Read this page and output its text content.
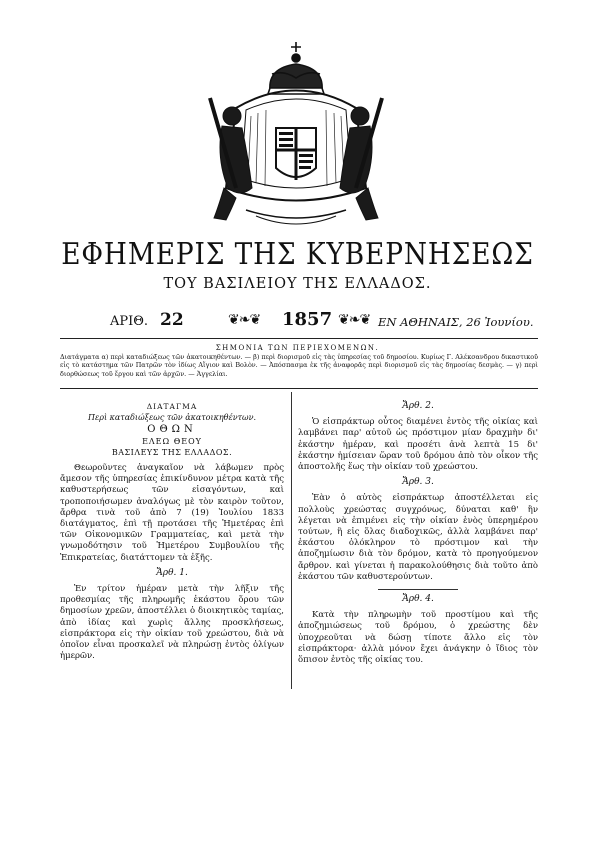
ΕΦΗΜΕΡΙΣ ΤΗΣ ΚΥΒΕΡΝΗΣΕΩΣ
ΤΟΥ ΒΑΣΙΛΕΙΟΥ ΤΗΣ ΕΛΛΑΔΟΣ.
ΑΡΙΘ. 22	❦❧❦ 1857 ❦❧❦ ΕΝ ΑΘΗΝΑΙΣ, 26 Ἰουνίου.
ΣΗΜΟΝΙΑ ΤΩΝ ΠΕΡΙΕΧΟΜΕΝΩΝ.
Διατάγματα α) περὶ καταδιώξεως τῶν ἀκατοικηθέντων. — β) περὶ διορισμοῦ εἰς τὰς ὑπηρεσίας τοῦ δημοσίου. Κυρίως Γ. Αλέκσανδρου δικαστικοῦ εἰς τὸ κατάστημα τῶν Πατρῶν τὸν ἰδίως Αἴγιον καὶ Βολὸν. — Ἀπόσπασμα ἐκ τῆς ἀναφορᾶς περὶ διορισμοῦ εἰς τὰς δημοσίας δεσμὰς. — γ) περὶ διορθώσεως τοῦ ἔργου καὶ τῶν ἀρχῶν. — Ἀγγελίαι.
ΔΙΑΤΑΓΜΑ
Περὶ καταδιώξεως τῶν ἀκατοικηθέντων.
ΟΘΩΝ
ΕΛΕΩ ΘΕΟΥ
ΒΑΣΙΛΕΥΣ ΤΗΣ ΕΛΛΑΔΟΣ.

Θεωροῦντες ἀναγκαῖον νὰ λάβωμεν πρὸς ἄμεσον τῆς ὑπηρεσίας ἐπικίνδυνον μέτρα κατὰ τῆς καθυστερήσεως τῶν εἰσαγόντων, καὶ τροποποιήσωμεν ἀναλόγως μὲ τὸν καιρὸν τοῦτον, ἄρθρα τινὰ τοῦ ἀπὸ 7 (19) Ἰουλίου 1833 διατάγματος, ἐπὶ τῇ προτάσει τῆς Ἡμετέρας ἐπὶ τῶν Οἰκονομικῶν Γραμματείας, καὶ μετὰ τὴν γνωμοδότησιν τοῦ Ἡμετέρου Συμβουλίου τῆς Ἐπικρατείας, διατάττομεν τὰ ἑξῆς.

Ἄρθ. 1.

Ἐν τρίτον ἡμέραν μετὰ τὴν λῆξιν τῆς προθεσμίας τῆς πληρωμῆς ἑκάστου ὅρου τῶν δημοσίων χρεῶν, ἀποστέλλει ὁ διοικητικὸς ταμίας, ἀπὸ ἰδίας καὶ χωρὶς ἄλλης προσκλήσεως, εἰσπράκτορα εἰς τὴν οἰκίαν τοῦ χρεώστου, διὰ νὰ ὁποῖον εἶναι προσκαλεῖ νὰ πληρώσῃ ἐντὸς ὀλίγων ἡμερῶν.

Ἄρθ. 2.

Ὁ εἰσπράκτωρ οὗτος διαμένει ἐντὸς τῆς οἰκίας καὶ λαμβάνει παρ' αὐτοῦ ὡς πρόστιμον μίαν δραχμὴν δι' ἑκάστην ἡμέραν, καὶ προσέτι ἀνὰ λεπτὰ 15 δι' ἑκάστην ἡμίσειαν ὥραν τοῦ δρόμου ἀπὸ τὸν οἶκον τῆς ἀποστολῆς ἕως τὴν οἰκίαν τοῦ χρεώστου.

Ἄρθ. 3.

Ἐὰν ὁ αὐτὸς εἰσπράκτωρ ἀποστέλλεται εἰς πολλοὺς χρεώστας συγχρόνως, δύναται καθ' ἣν λέγεται νὰ ἐπιμένει εἰς τὴν οἰκίαν ἑνὸς ὑπερημέρου τούτων, ἢ εἰς ὅλας διαδοχικῶς, ἀλλὰ λαμβάνει παρ' ἑκάστου ὀλόκληρον τὸ πρόστιμον καὶ τὴν ἀποζημίωσιν διὰ τὸν δρόμον, κατὰ τὸ προηγούμενον ἄρθρον. καὶ γίνεται ἡ παρακολούθησις διὰ τοῦτο ἀπὸ ἑκάστου τῶν καθυστερούντων.

Ἄρθ. 4.

Κατὰ τὴν πληρωμὴν τοῦ προστίμου καὶ τῆς ἀποζημιώσεως τοῦ δρόμου, ὁ χρεώστης δὲν ὑποχρεοῦται νὰ δώσῃ τίποτε ἄλλο εἰς τὸν εἰσπράκτορα· ἀλλὰ μόνον ἔχει ἀνάγκην ὁ ἴδιος τὸν ὅπισον ἐντὸς τῆς οἰκίας του.
